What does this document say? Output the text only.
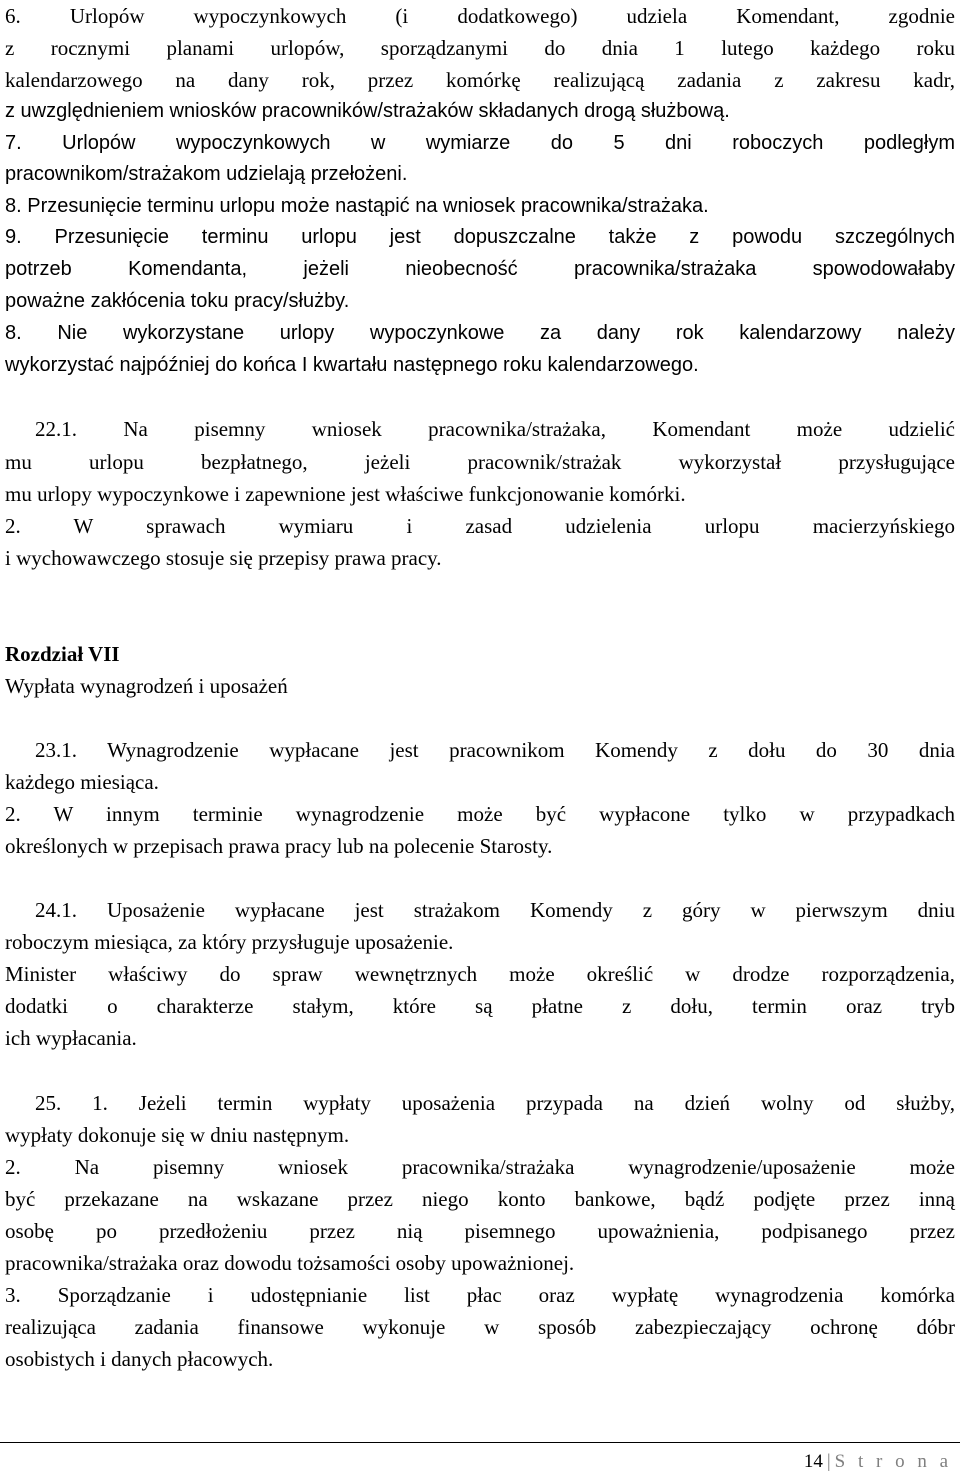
6. Urlopów wypoczynkowych (i dodatkowego) udziela Komendant, zgodnie
z rocznymi planami urlopów, sporządzanymi do dnia 1 lutego każdego roku
kalendarzowego na dany rok, przez komórkę realizującą zadania z zakresu kadr,
z uwzględnieniem wniosków pracowników/strażaków składanych drogą służbową.
7. Urlopów wypoczynkowych w wymiarze do 5 dni roboczych podległym
pracownikom/strażakom udzielają przełożeni.
8. Przesunięcie terminu urlopu może nastąpić na wniosek pracownika/strażaka.
9. Przesunięcie terminu urlopu jest dopuszczalne także z powodu szczególnych
potrzeb Komendanta, jeżeli nieobecność pracownika/strażaka spowodowałaby
poważne zakłócenia toku pracy/służby.
8. Nie wykorzystane urlopy wypoczynkowe za dany rok kalendarzowy należy
wykorzystać najpóźniej do końca I kwartału następnego roku kalendarzowego.
22.1. Na pisemny wniosek pracownika/strażaka, Komendant może udzielić
mu urlopu bezpłatnego, jeżeli pracownik/strażak wykorzystał przysługujące
mu urlopy wypoczynkowe i zapewnione jest właściwe funkcjonowanie komórki.
2. W sprawach wymiaru i zasad udzielenia urlopu macierzyńskiego
i wychowawczego stosuje się przepisy prawa pracy.
Rozdział VII
Wypłata wynagrodzeń i uposażeń
23.1. Wynagrodzenie wypłacane jest pracownikom Komendy z dołu do 30 dnia
każdego miesiąca.
2. W innym terminie wynagrodzenie może być wypłacone tylko w przypadkach
określonych w przepisach prawa pracy lub na polecenie Starosty.
24.1. Uposażenie wypłacane jest strażakom Komendy z góry w pierwszym dniu
roboczym miesiąca, za który przysługuje uposażenie.
Minister właściwy do spraw wewnętrznych może określić w drodze rozporządzenia,
dodatki o charakterze stałym, które są płatne z dołu, termin oraz tryb
ich wypłacania.
25. 1. Jeżeli termin wypłaty uposażenia przypada na dzień wolny od służby,
wypłaty dokonuje się w dniu następnym.
2. Na pisemny wniosek pracownika/strażaka wynagrodzenie/uposażenie może
być przekazane na wskazane przez niego konto bankowe, bądź podjęte przez inną
osobę po przedłożeniu przez nią pisemnego upoważnienia, podpisanego przez
pracownika/strażaka oraz dowodu tożsamości osoby upoważnionej.
3. Sporządzanie i udostępnianie list płac oraz wypłatę wynagrodzenia komórka
realizująca zadania finansowe wykonuje w sposób zabezpieczający ochronę dóbr
osobistych i danych płacowych.
14 | S t r o n a
